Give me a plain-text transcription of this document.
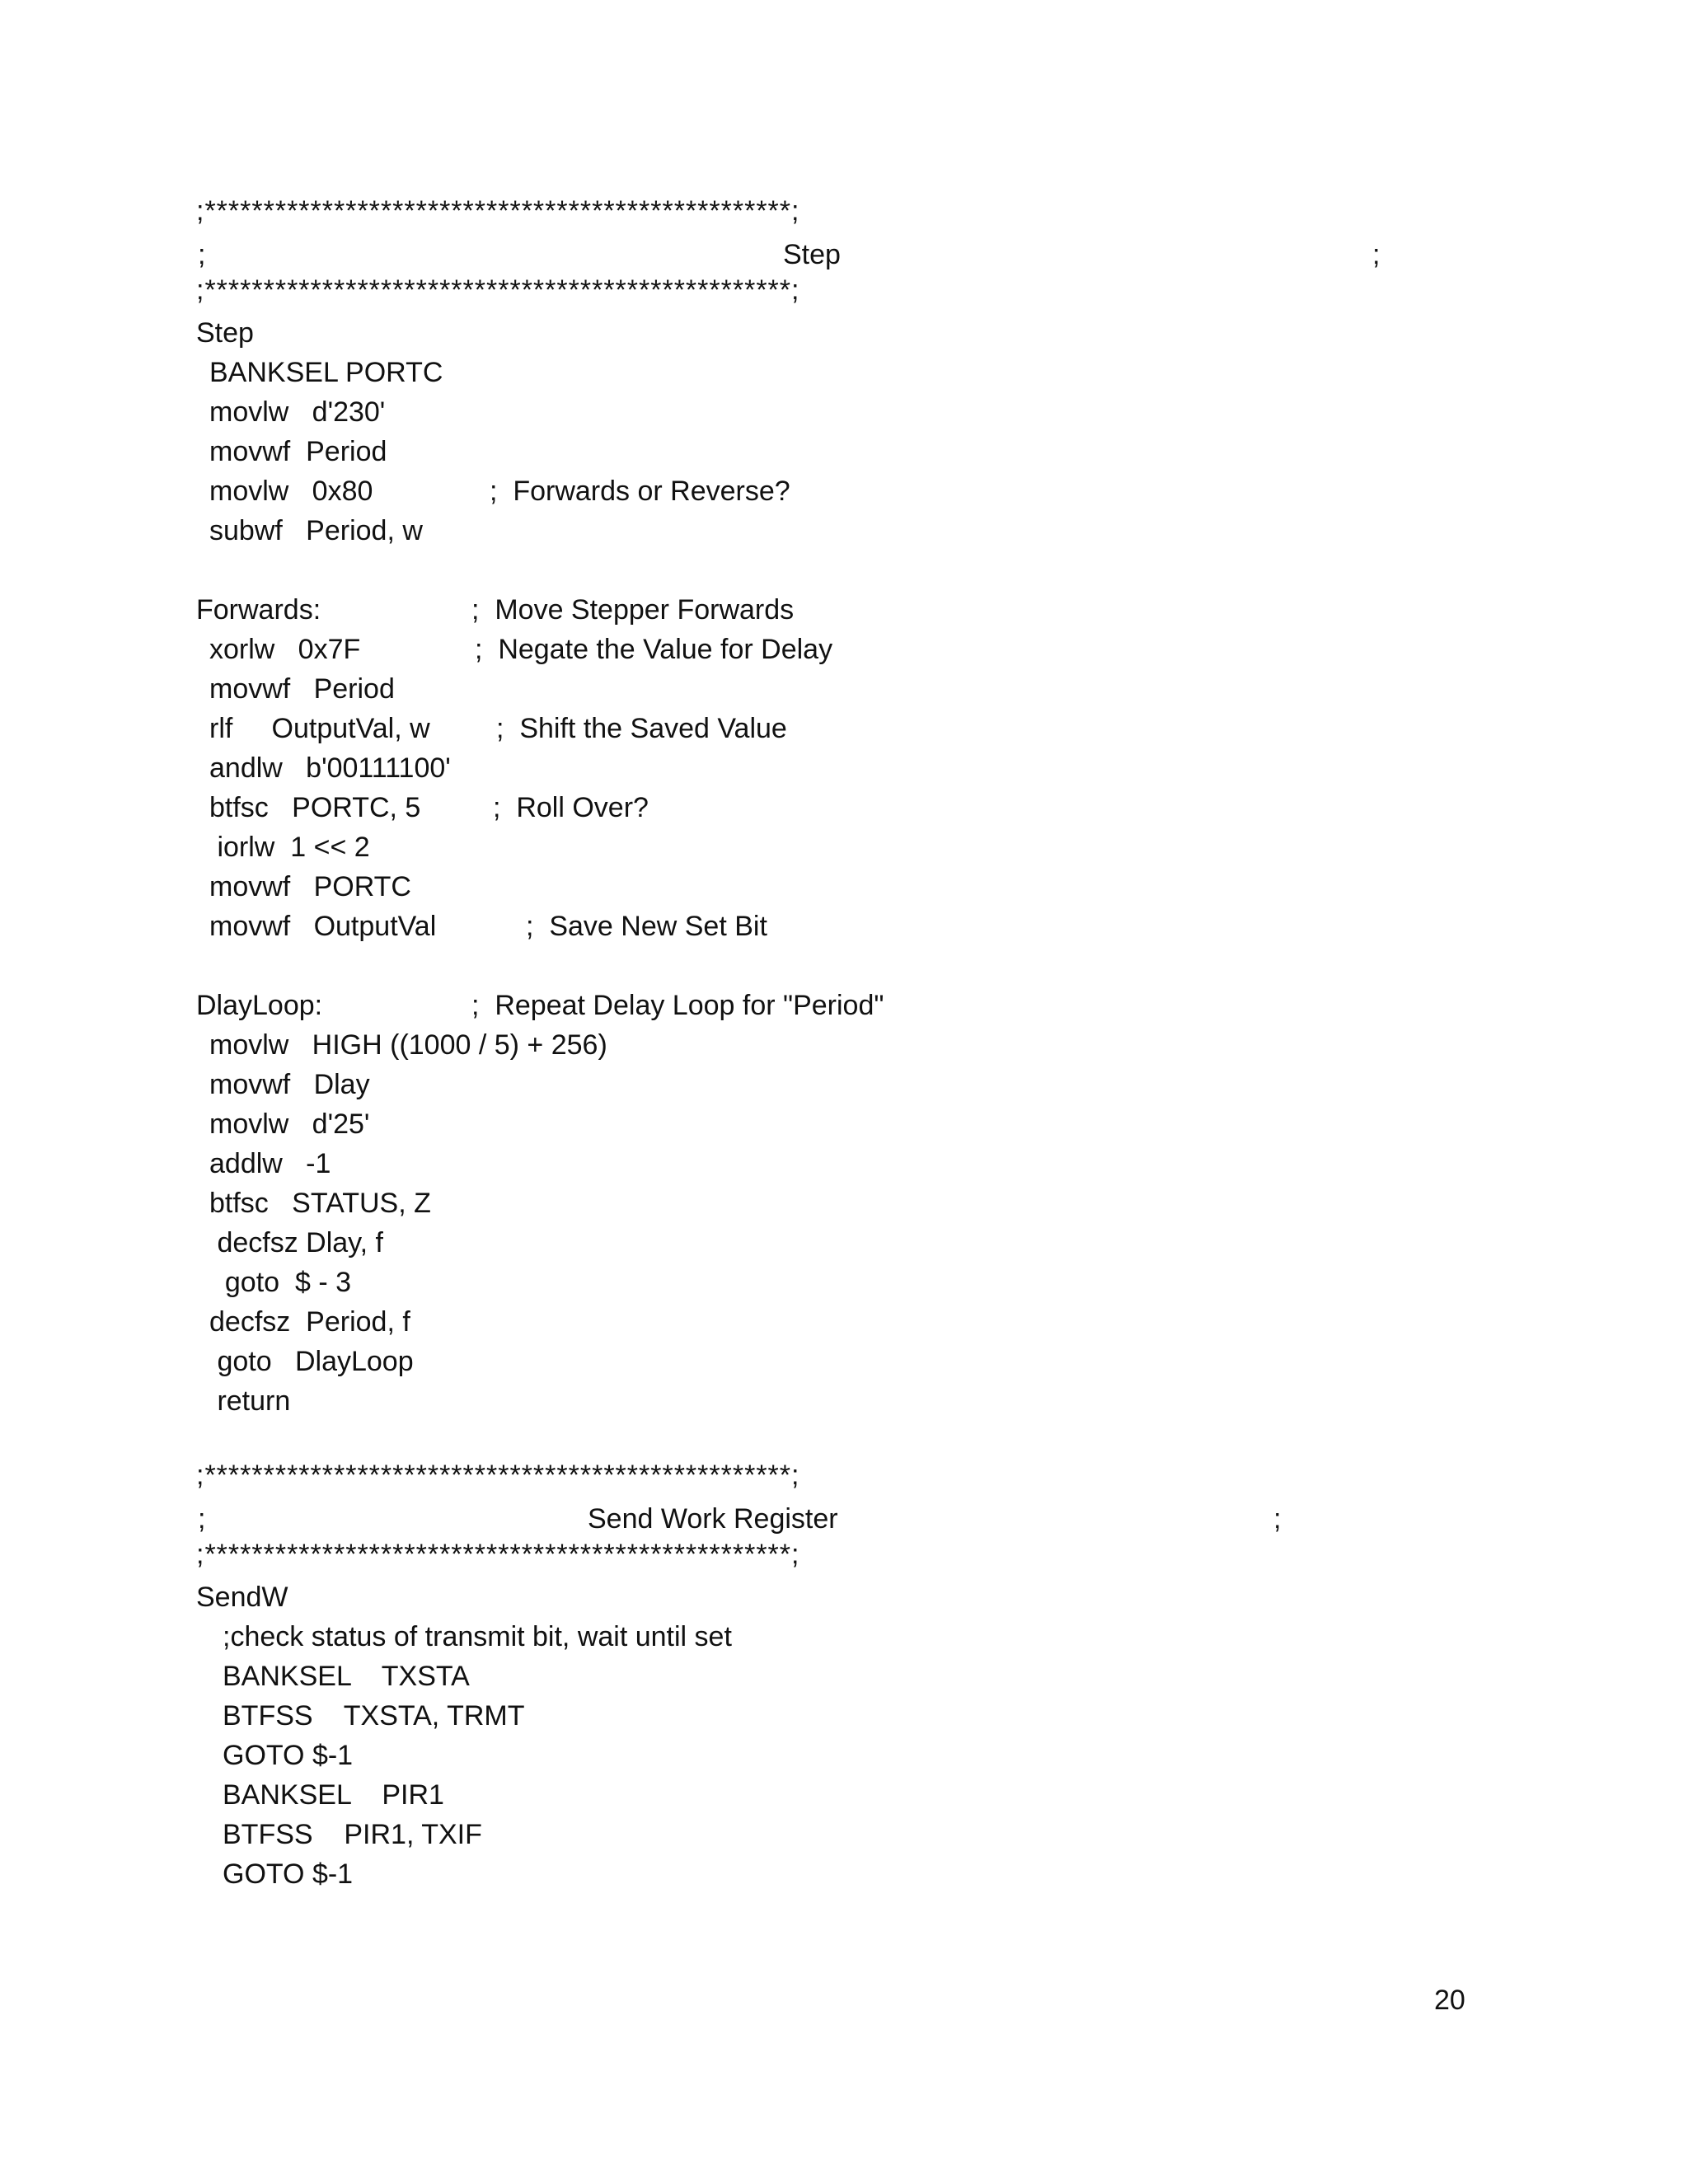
;**************************************************;
;	Step	;
;**************************************************;
Step
BANKSEL PORTC
movlw   d'230'
movwf  Period
movlw   0x80	;  Forwards or Reverse?
subwf   Period, w
Forwards:	;  Move Stepper Forwards
xorlw   0x7F	;  Negate the Value for Delay
movwf   Period
rlf     OutputVal, w ;  Shift the Saved Value
andlw   b'00111100'
btfsc   PORTC, 5	;  Roll Over?
iorlw  1 << 2
movwf   PORTC
movwf   OutputVal	;  Save New Set Bit
DlayLoop:	;  Repeat Delay Loop for "Period"
movlw   HIGH ((1000 / 5) + 256)
movwf   Dlay
movlw   d'25'
addlw   -1
btfsc   STATUS, Z
decfsz Dlay, f
goto  $ - 3
decfsz  Period, f
goto   DlayLoop
return
;**************************************************;
;	Send Work Register	;
;**************************************************;
SendW
;check status of transmit bit, wait until set
BANKSEL    TXSTA
BTFSS    TXSTA, TRMT
GOTO $-1
BANKSEL    PIR1
BTFSS    PIR1, TXIF
GOTO $-1
20
